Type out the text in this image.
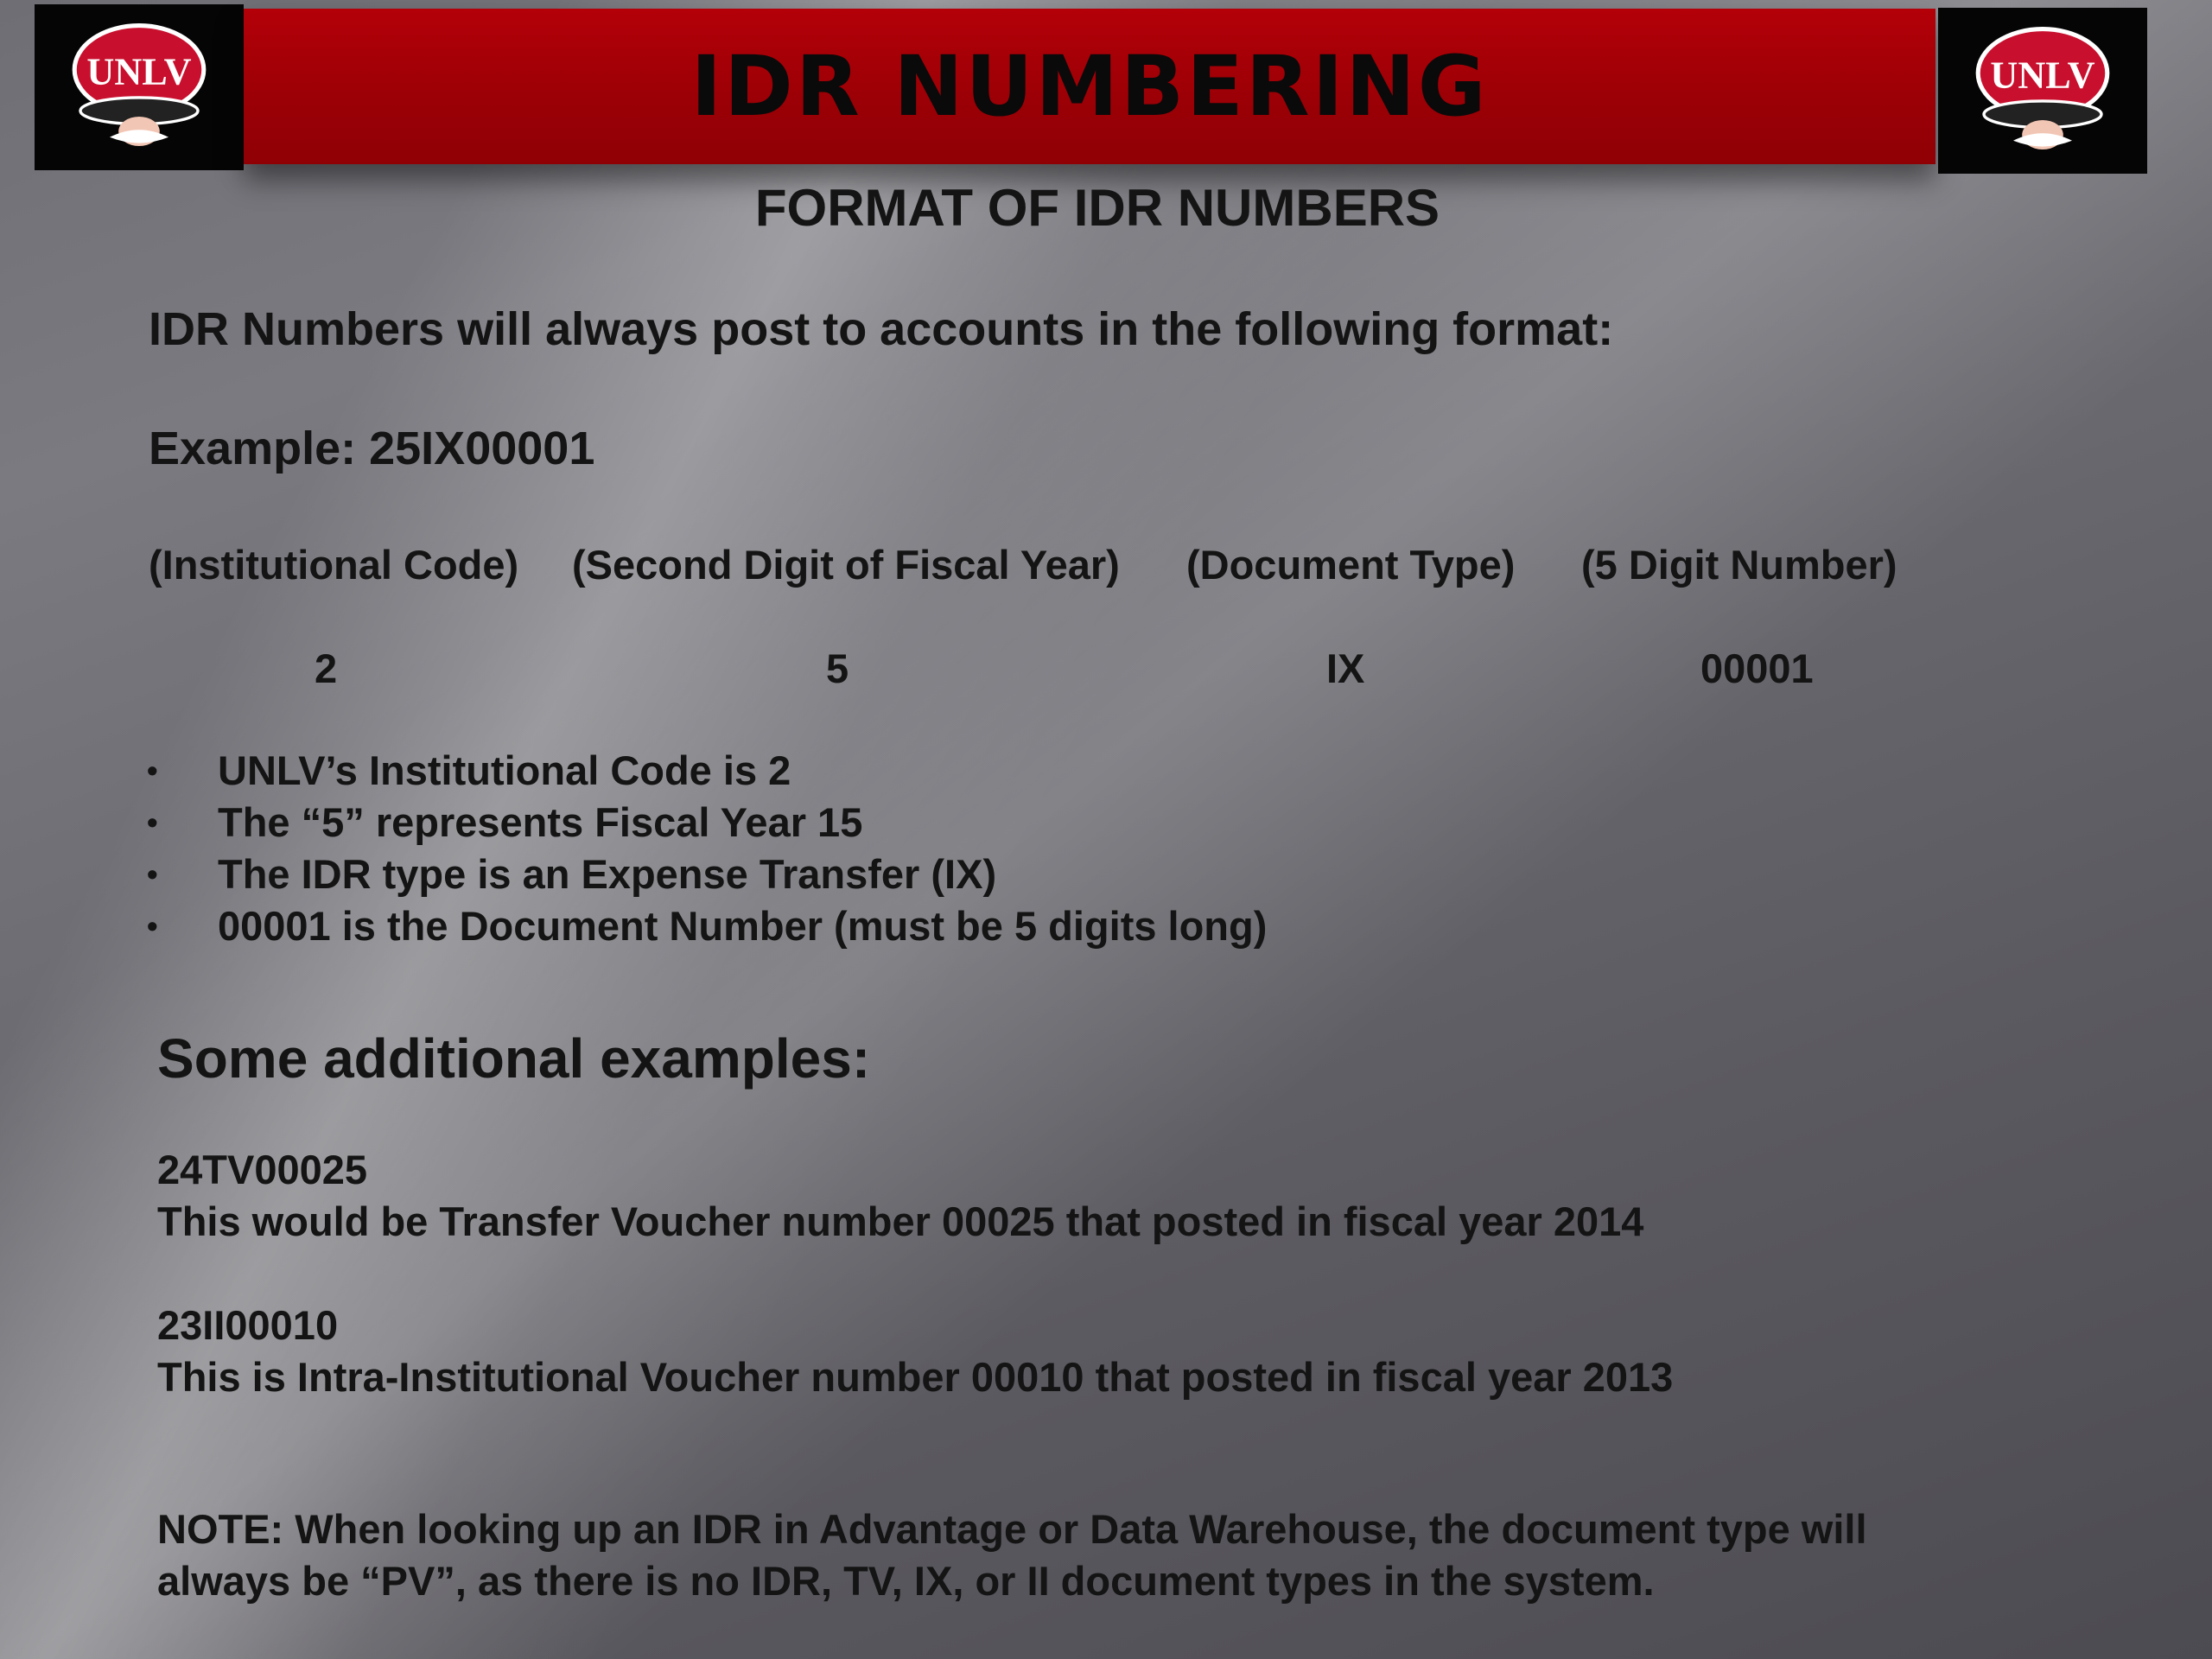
UNLV	IDR NUMBERING	UNLV
FORMAT OF IDR NUMBERS
IDR Numbers will always post to accounts in the following format:
Example: 25IX00001
(Institutional Code) (Second Digit of Fiscal Year) (Document Type) (5 Digit Number)
2	5	IX	00001
• UNLV’s Institutional Code is 2
• The “5” represents Fiscal Year 15
• The IDR type is an Expense Transfer (IX)
• 00001 is the Document Number (must be 5 digits long)
Some additional examples:
24TV00025
This would be Transfer Voucher number 00025 that posted in fiscal year 2014
23II00010
This is Intra-Institutional Voucher number 00010 that posted in fiscal year 2013
NOTE: When looking up an IDR in Advantage or Data Warehouse, the document type will
always be “PV”, as there is no IDR, TV, IX, or II document types in the system.
